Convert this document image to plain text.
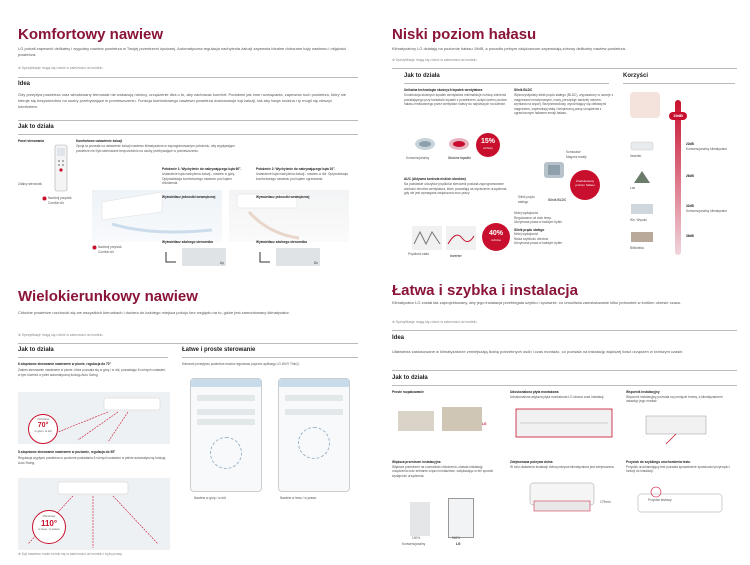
Komfortowy nawiew

LG potrafi zapewnić delikatny i wygodny nawiew powietrza w Twojej przestrzeni życiowej. Automatyczna regulacja nachylenia żaluzji zapewnia idealne doborane kąty nawiewu i objętości powietrza.

※ Specyfikacje mogą się różnić w zależności od modelu.
Idea

Gdy przepływ powietrza oraz wbudowany termostat nie wskazują różnicy, urządzenie dba o to, aby zachować komfort. Podobnie jak inne rozwiązania, zapewnia ruch powietrza, który nie kieruje się bezpośrednio na osoby przebywające w pomieszczeniu. Funkcja komfortowego nawiewu powietrza dostosowuje kąt żaluzji, tak aby twoja rodzina i ty mogli się cieszyć komfortem.

Jak to działa
Panel sterowania
Zdalny sterownik
Komfortowe ustawienie żaluzji
Opcja ta pozwala na ustawienie żaluzji nawiewu klimatyzatora w zaprogramowanym położeniu, aby wypływające powietrze nie było skierowane bezpośrednio na osoby przebywające w pomieszczeniu.
Naciśnij przycisk Comfort Air
Naciśnij przycisk Comfort Air
Położenie 1: Wychylenie do nakrywającego kąta 60°.
Ustawienie kąta nachylenia żaluzji - nawiew w górę. Optymalizacja komfortowego nawiewu pod kątem chłodzenia.
Wyświetlacz jednostki wewnętrznej
Położenie 2: Wychylenie do nakrywającego kąta 10°.
Ustawienie kąta nachylenia żaluzji - nawiew w dół. Optymalizacja komfortowego nawiewu pod kątem ogrzewania.
Wyświetlacz jednostki wewnętrznej
Wyświetlacz zdalnego sterownika	Wyświetlacz zdalnego sterownika
Up	Dn
Niski poziom hałasu

Klimatyzatory LG działają na poziomie hałasu 19dB, a ponadto pełnym dziękowcom zapewniają zdrowy delikatny nawiew powietrza.

※ Specyfikacje mogą się różnić w zależności od modelu.
Jak to działa	Korzyści
Unikalna technologia skośnych łopatek wentylatora
Konstrukcja skośnych łopatek wentylatora minimalizuje różnicę ciśnienia powstającego przy kontakcie łopatek z powietrzem, dzięki czemu poziom hałasu emitowanego przez wentylator należy do najniższych na świecie.
Konwencjonalny	Ukośne łopatki
15%
cichszy
Silnik BLDC
Wykorzystywany silnik prądu stałego (BLDC), wyposażony w uzwoje z magnesami neodymowymi, nowy, pieczętuje bardziej rotorem, wymiana na więcej. Bezprzewodowy, wyróżniający się ciekawymi magnesem, zapewniają stałą i bezpieczną pracę urządzenia z ograniczonym hałasem emisji hałasu.
Komutator
Magnes trwały
Zredukowany poziom hałasu
Silnik prądu stałego	Silnik BLDC
AUC (Aktywna kontrola niskich obrotów)
Na podstawie odczytów prędkości sterownik posiada zaprogramowane wartości obrotów wentylatora, które pozwalają na wyciszenie urządzenia, gdy nie jest wymagana zwiększona moc pracy.
40%
różnica
Prędkość stała	Inverter
Mniej wydajności
Regulowane od dołu temp.
Utrzymana praca w każdym trybie
Silnik prądu stałego
Mniej wydajności
Niska szybkość obrotów
Utrzymana praca w każdym trybie
19dB
Inwerter
22dB
Konwencjonalny klimatyzator
Las
26dB
Wn. Wysoki
32dB
Konwencjonalny klimatyzator
Biblioteka
36dB
Wielokierunkowy nawiew

Chłodne powietrze rozchodzi się we wszystkich kierunkach i dociera do każdego miejsca pokoju bez względu na to, gdzie jest zamontowany klimatyzator.

※ Specyfikacje mogą się różnić w zależności od modelu.
Jak to działa	Łatwe i proste sterowanie
6-stopniowe sterowanie nawiewem w pionie, regulacja do 70°
Zakres sterowanie nawiewem w pionie, które pozwala się w górę i w dół, pozwalając 6 różnych ustawień, w tym również w pełni automatyczną funkcję Auto Swing.
Ochrona
70°
w górę i w dół
5-stopniowe sterowanie nawiewem w poziomie, regulacja do 55°
Regulacja wypływu powietrza w poziomie posiadania 5 różnych ustawień w pełnie automatyczną funkcją Auto Swing.
Obrotowy
110°
w lewo / w prawo
※ Kąt nawiewu może różnić się w zależności od modelu i trybu pracy.
Kierunek przepływu powietrza można regulować poprzez aplikację LG Wi-Fi ThinQ.
Nawiew w górę / w dół	Nawiew w lewo / w prawo
Łatwa i szybka i instalacja

Klimatyzator LG został tak zaprojektowany, aby jego instalacja przebiegała szybko i sprawnie, co umożliwia zainstalowanie kilku jednostek w krótkim okresie czasu.

※ Specyfikacje mogą się różnić w zależności od modelu.
Idea

Ułatwienia zastosowane w klimatyzatorze zmniejszają liczbę potrzebnych osób i czas montażu, co pozwala na instalację większej ilości urządzeń w krótszym czasie.

Jak to działa
Proste rozpakowanie
LG
Udoskonalona płyta montażowa
Udoskonalona większa płyta montażowa LG skraca czas instalacji.
Wspornik instalacyjny
Wspornik instalacyjny pozwala na pomięcie bramy, a klimatyzatorem ustawiąc jego montaż.
Większa przestrzeń instalacyjna
Większa przestrzeń na rozmaitość chłodzenia, ułatwia instalację urządzenia oraz zebranie części montażowe, zwiększając w ten sposób wydajność urządzenia.
100%	546%
Konwencjonalny	LG
Zdejmowana pokrywa dolna
W celu ułatwienia instalacji dolna pokrywa klimatyzatora jest zdejmowana.
179mm
Przycisk do szybkiego uruchomienia testu
Przycisk uruchamiający test pozwala sprawdzenie sprawności przyrządu i funkcji do instalacji.
Przycisk testowy
